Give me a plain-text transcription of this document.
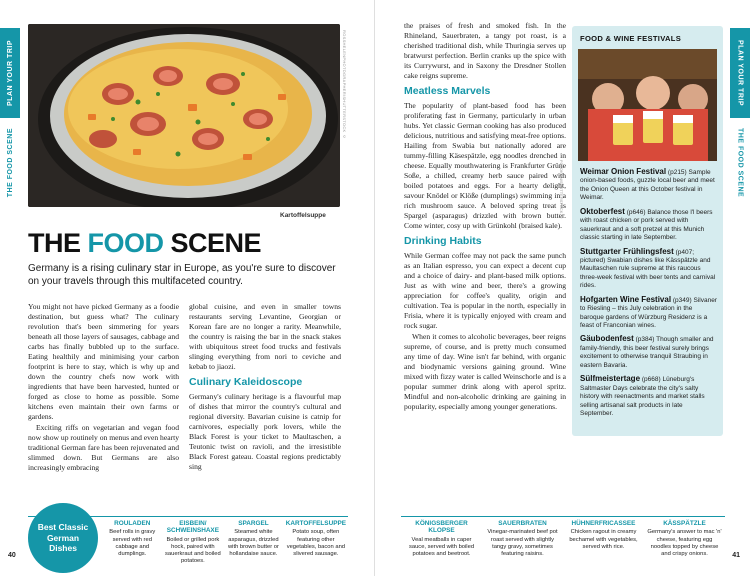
PLAN YOUR TRIP
THE FOOD SCENE
ROSSHELENPHOTOGRAPHER/SHUTTERSTOCK ©
Kartoffelsuppe
THE FOOD SCENE
Germany is a rising culinary star in Europe, as you're sure to discover on your travels through this multifaceted country.

You might not have picked Germany as a foodie destination, but guess what? The culinary revolution that's been simmering for years beneath all those layers of sausages, cabbage and carbs has finally bubbled up to the surface. Eating healthily and minimising your carbon footprint is here to stay, which is why up and down the country chefs now work with ingredients that have been harvested, hunted or forged as close to home as possible. Some kitchens even maintain their own farms or gardens.

Exciting riffs on vegetarian and vegan food now show up routinely on menus and even hearty traditional German fare has been rejuvenated and slimmed down. But Germans are also increasingly embracing

global cuisine, and even in smaller towns restaurants serving Levantine, Georgian or Korean fare are no longer a rarity. Meanwhile, the country is raising the bar in the snack stakes with ubiquitous street food trucks and festivals slinging everything from nori to ceviche and kebab to jiaozi.

Culinary Kaleidoscope

Germany's culinary heritage is a flavourful map of dishes that mirror the country's cultural and regional diversity. Bavarian cuisine is catnip for carnivores, especially pork lovers, while the Black Forest is your ticket to Maultaschen, a Teutonic twist on ravioli, and the irresistible Black Forest gateau. Coastal regions predictably sing

Best Classic German Dishes
ROULADEN
Beef rolls in gravy served with red cabbage and dumplings.
EISBEIN/ SCHWEINSHAXE
Boiled or grilled pork hock, paired with sauerkraut and boiled potatoes.
SPARGEL
Steamed white asparagus, drizzled with brown butter or hollandaise sauce.
KARTOFFELSUPPE
Potato soup, often featuring other vegetables, bacon and slivered sausage.
40
PLAN YOUR TRIP
THE FOOD SCENE
41

the praises of fresh and smoked fish. In the Rhineland, Sauerbraten, a tangy pot roast, is a cherished traditional dish, while Thuringia serves up bratwurst perfection. Berlin cranks up the spice with its Currywurst, and in Saxony the Dresdner Stollen cake reigns supreme.

Meatless Marvels

The popularity of plant-based food has been proliferating fast in Germany, particularly in urban hubs. Yet classic German cooking has also produced delicious, nutritious and satisfying meat-free options. Hailing from Swabia but nationally adored are tummy-filling Käsespätzle, egg noodles drenched in cheese. Equally mouthwatering is Frankfurter Grüne Soße, a chilled, creamy herb sauce paired with boiled potatoes and eggs. For a hearty delight, savour Knödel or Klöße (dumplings) swimming in a rich mushroom sauce. A beloved spring treat is Spargel (asparagus) drizzled with brown butter. Come winter, cosy up with Grünkohl (braised kale).

Drinking Habits

While German coffee may not pack the same punch as an Italian espresso, you can expect a decent cup and a choice of dairy- and plant-based milk options. Just as with wine and beer, there's a growing appreciation for coffee's quality, origin and cultivation. Tea is popular in the north, especially in Frisia, where it is typically enjoyed with cream and rock sugar.

When it comes to alcoholic beverages, beer reigns supreme, of course, and is pretty much consumed any time of day. Wine isn't far behind, with organic and biodynamic versions gaining ground. Wine mixed with fizzy water is called Weinschorle and is a popular summer drink along with aperol spritz. Mindful and non-alcoholic drinking are gaining in popularity, especially among younger generations.

FOTOKON/SHUTTERSTOCK ©
FOOD & WINE FESTIVALS
Weimar Onion Festival (p215) Sample onion-based foods, guzzle local beer and meet the Onion Queen at this October festival in Weimar.
Oktoberfest (p646) Balance those l'l beers with roast chicken or pork served with sauerkraut and a soft pretzel at this Munich classic starting in late September.
Stuttgarter Frühlingsfest (p407; pictured) Swabian dishes like Kässpätzle and Maultaschen rule supreme at this raucous three-week festival with beer tents and carnival rides.
Hofgarten Wine Festival (p349) Silvaner to Riesling – this July celebration in the baroque gardens of Würzburg Residenz is a feast of Franconian wines.
Gäubodenfest (p384) Though smaller and family-friendly, this beer festival surely brings excitement to otherwise tranquil Straubing in eastern Bavaria.
Sülfmeistertage (p668) Lüneburg's Saltmaster Days celebrate the city's salty history with reenactments and market stalls selling artisanal salt products in late September.
KÖNIGSBERGER KLOPSE
Veal meatballs in caper sauce, served with boiled potatoes and beetroot.
SAUERBRATEN
Vinegar-marinated beef pot roast served with slightly tangy gravy, sometimes featuring raisins.
HÜHNERFRICASSEE
Chicken ragout in creamy bechamel with vegetables, served with rice.
KÄSSPÄTZLE
Germany's answer to mac 'n' cheese, featuring egg noodles topped by cheese and crispy onions.
